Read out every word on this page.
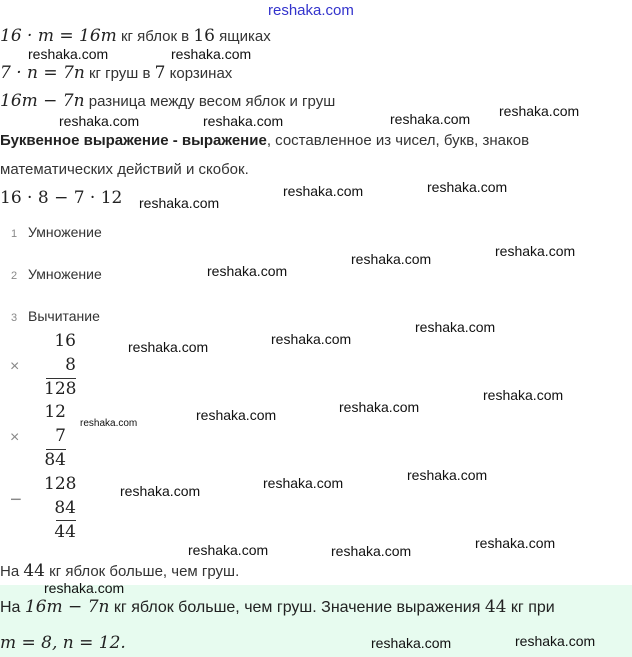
reshaka.com
16 · m = 16m кг яблок в 16 ящиках
7 · n = 7n кг груш в 7 корзинах
16m − 7n разница между весом яблок и груш
Буквенное выражение - выражение, составленное из чисел, букв, знаков
математических действий и скобок.
16 · 8 − 7 · 12
1 Умножение
2 Умножение
3 Вычитание
×
16
8
128
×
12
7
84
−
128
84
44
На 44 кг яблок больше, чем груш.
На 16m − 7n кг яблок больше, чем груш. Значение выражения 44 кг при
m = 8, n = 12.
reshaka.com	reshaka.com
reshaka.com	reshaka.com	reshaka.com reshaka.com
reshaka.com	reshaka.com
reshaka.com
reshaka.com
reshaka.com	reshaka.com
reshaka.com	reshaka.com
reshaka.com
reshaka.com
reshaka.com	reshaka.com
reshaka.com
reshaka.com	reshaka.com	reshaka.com
reshaka.com	reshaka.com	reshaka.com
reshaka.com
reshaka.com	reshaka.com
